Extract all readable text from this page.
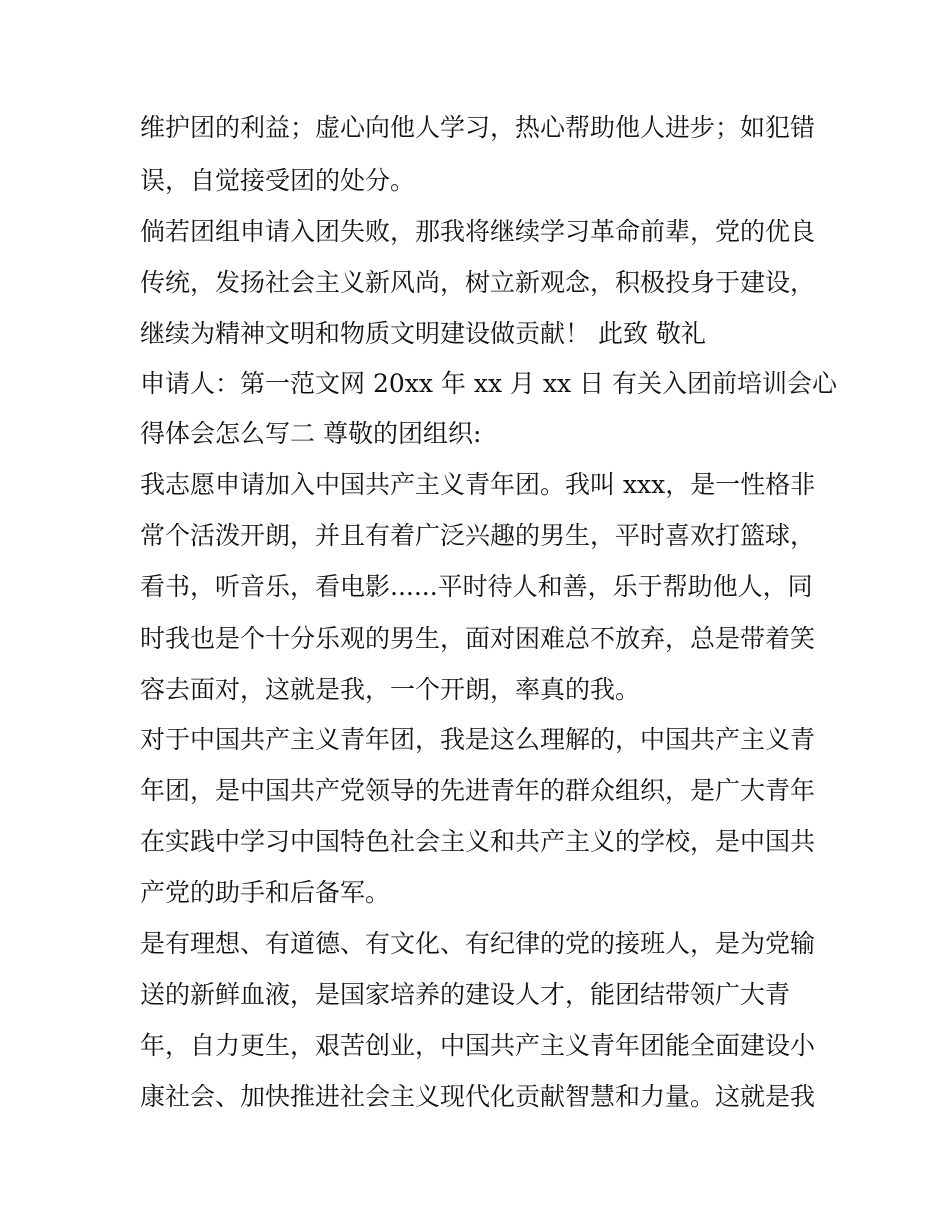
维护团的利益；虚心向他人学习，热心帮助他人进步；如犯错
误，自觉接受团的处分。
倘若团组申请入团失败，那我将继续学习革命前辈，党的优良
传统，发扬社会主义新风尚，树立新观念，积极投身于建设，
继续为精神文明和物质文明建设做贡献！ 此致 敬礼
申请人：第一范文网 20xx 年 xx 月 xx 日 有关入团前培训会心
得体会怎么写二 尊敬的团组织:
我志愿申请加入中国共产主义青年团。我叫 xxx，是一性格非
常个活泼开朗，并且有着广泛兴趣的男生，平时喜欢打篮球，
看书，听音乐，看电影......平时待人和善，乐于帮助他人，同
时我也是个十分乐观的男生，面对困难总不放弃，总是带着笑
容去面对，这就是我，一个开朗，率真的我。
对于中国共产主义青年团，我是这么理解的，中国共产主义青
年团，是中国共产党领导的先进青年的群众组织，是广大青年
在实践中学习中国特色社会主义和共产主义的学校，是中国共
产党的助手和后备军。
是有理想、有道德、有文化、有纪律的党的接班人，是为党输
送的新鲜血液，是国家培养的建设人才，能团结带领广大青
年，自力更生，艰苦创业，中国共产主义青年团能全面建设小
康社会、加快推进社会主义现代化贡献智慧和力量。这就是我
